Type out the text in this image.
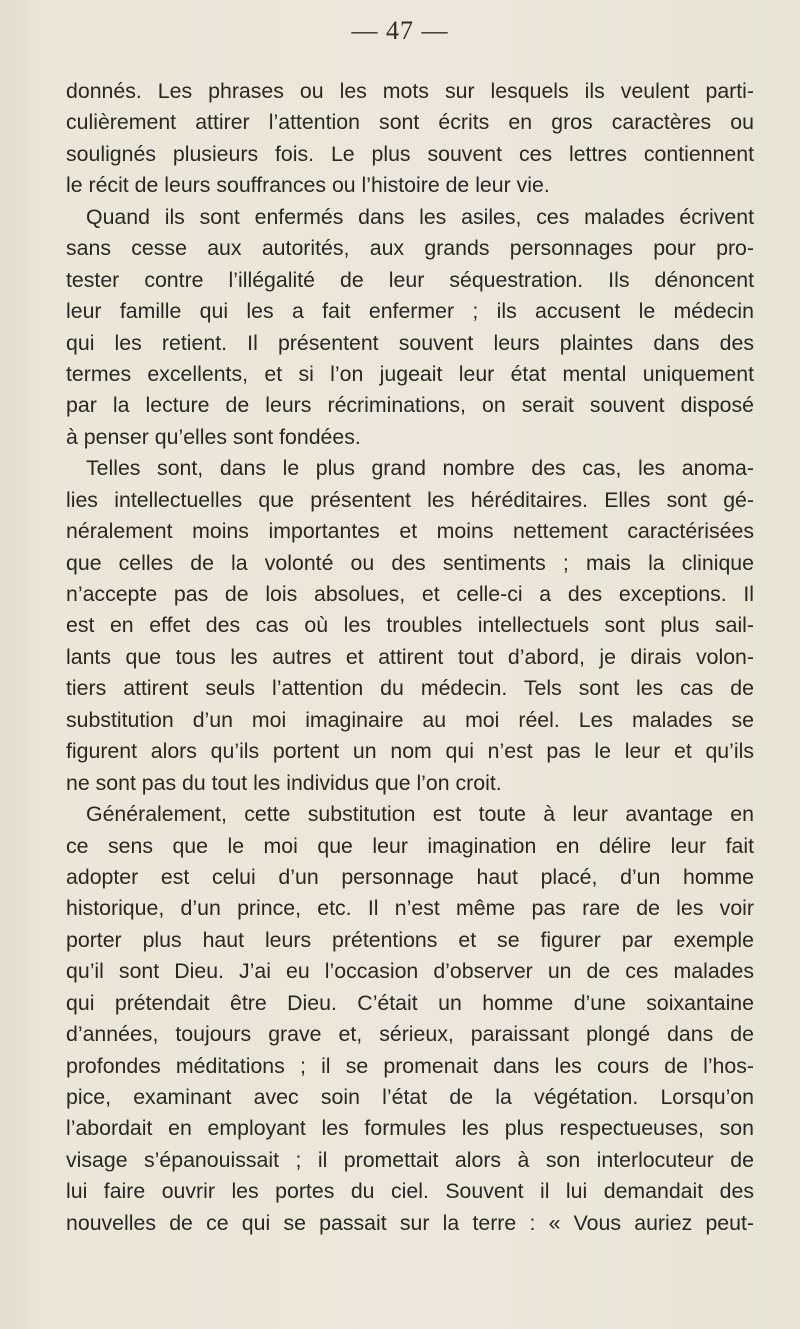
— 47 —
donnés. Les phrases ou les mots sur lesquels ils veulent parti-
culièrement attirer l’attention sont écrits en gros caractères ou
soulignés plusieurs fois. Le plus souvent ces lettres contiennent
le récit de leurs souffrances ou l’histoire de leur vie.
Quand ils sont enfermés dans les asiles, ces malades écrivent
sans cesse aux autorités, aux grands personnages pour pro-
tester contre l’illégalité de leur séquestration. Ils dénoncent
leur famille qui les a fait enfermer ; ils accusent le médecin
qui les retient. Il présentent souvent leurs plaintes dans des
termes excellents, et si l’on jugeait leur état mental uniquement
par la lecture de leurs récriminations, on serait souvent disposé
à penser qu’elles sont fondées.
Telles sont, dans le plus grand nombre des cas, les anoma-
lies intellectuelles que présentent les héréditaires. Elles sont gé-
néralement moins importantes et moins nettement caractérisées
que celles de la volonté ou des sentiments ; mais la clinique
n’accepte pas de lois absolues, et celle-ci a des exceptions. Il
est en effet des cas où les troubles intellectuels sont plus sail-
lants que tous les autres et attirent tout d’abord, je dirais volon-
tiers attirent seuls l’attention du médecin. Tels sont les cas de
substitution d’un moi imaginaire au moi réel. Les malades se
figurent alors qu’ils portent un nom qui n’est pas le leur et qu’ils
ne sont pas du tout les individus que l’on croit.
Généralement, cette substitution est toute à leur avantage en
ce sens que le moi que leur imagination en délire leur fait
adopter est celui d’un personnage haut placé, d’un homme
historique, d’un prince, etc. Il n’est même pas rare de les voir
porter plus haut leurs prétentions et se figurer par exemple
qu’il sont Dieu. J’ai eu l’occasion d’observer un de ces malades
qui prétendait être Dieu. C’était un homme d’une soixantaine
d’années, toujours grave et, sérieux, paraissant plongé dans de
profondes méditations ; il se promenait dans les cours de l’hos-
pice, examinant avec soin l’état de la végétation. Lorsqu’on
l’abordait en employant les formules les plus respectueuses, son
visage s’épanouissait ; il promettait alors à son interlocuteur de
lui faire ouvrir les portes du ciel. Souvent il lui demandait des
nouvelles de ce qui se passait sur la terre : « Vous auriez peut-
